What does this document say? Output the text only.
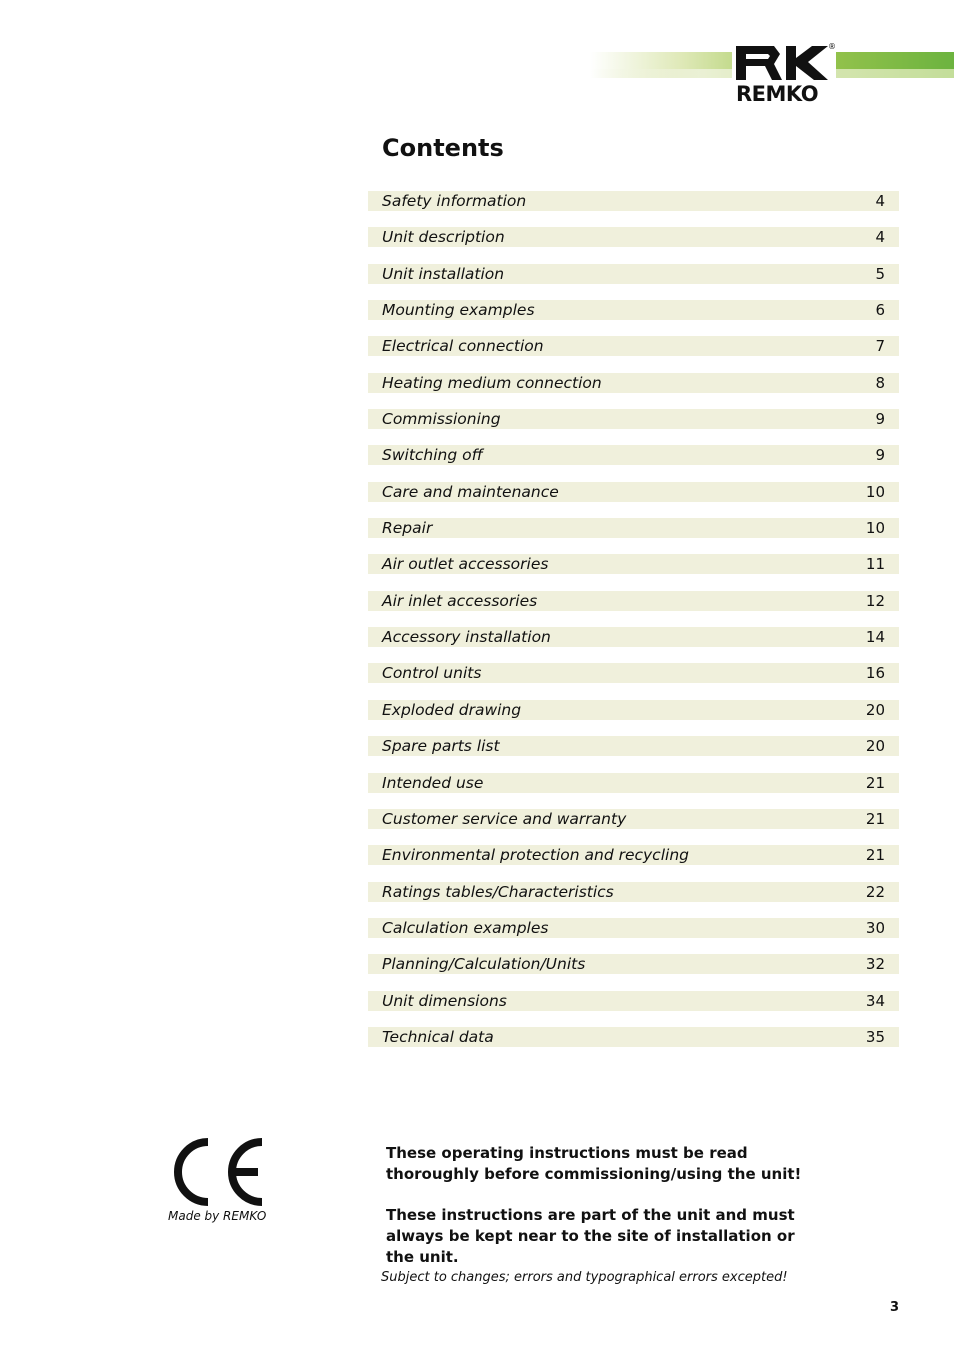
®
REMKO
Contents
Safety information	4
Unit description	4
Unit installation	5
Mounting examples	6
Electrical connection	7
Heating medium connection	8
Commissioning	9
Switching off	9
Care and maintenance	10
Repair	10
Air outlet accessories	11
Air inlet accessories	12
Accessory installation	14
Control units	16
Exploded drawing	20
Spare parts list	20
Intended use	21
Customer service and warranty	21
Environmental protection and recycling	21
Ratings tables/Characteristics	22
Calculation examples	30
Planning/Calculation/Units	32
Unit dimensions	34
Technical data	35
Made by REMKO

These operating instructions must be read thoroughly before commissioning/using the unit!

These instructions are part of the unit and must always be kept near to the site of installation or the unit.

Subject to changes; errors and typographical errors excepted!
3
